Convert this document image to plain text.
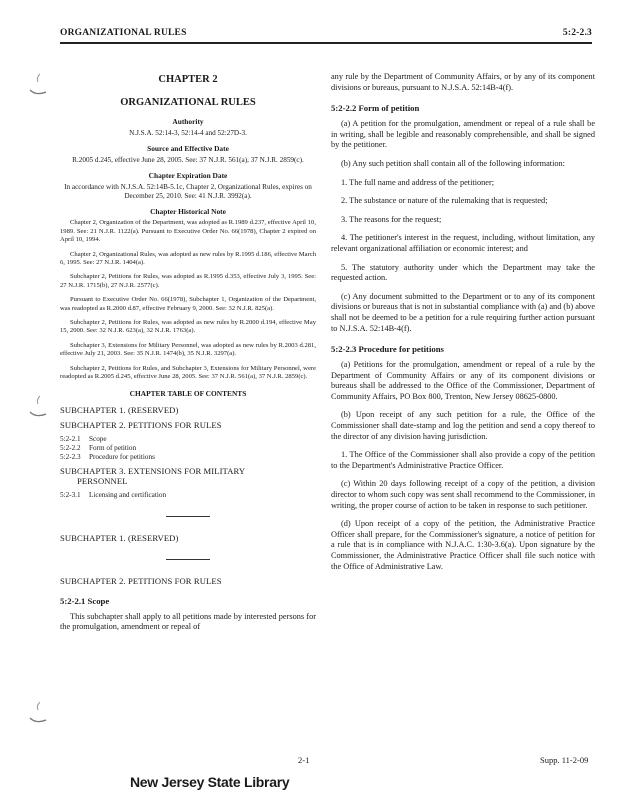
ORGANIZATIONAL RULES	5:2-2.3
CHAPTER 2
ORGANIZATIONAL RULES
Authority
N.J.S.A. 52:14-3, 52:14-4 and 52:27D-3.
Source and Effective Date
R.2005 d.245, effective June 28, 2005. See: 37 N.J.R. 561(a), 37 N.J.R. 2859(c).
Chapter Expiration Date
In accordance with N.J.S.A. 52:14B-5.1c, Chapter 2, Organizational Rules, expires on December 25, 2010. See: 41 N.J.R. 3992(a).
Chapter Historical Note
Chapter 2, Organization of the Department, was adopted as R.1989 d.237, effective April 10, 1989. See: 21 N.J.R. 1122(a). Pursuant to Executive Order No. 66(1978), Chapter 2 expired on April 10, 1994.
Chapter 2, Organizational Rules, was adopted as new rules by R.1995 d.186, effective March 6, 1995. See: 27 N.J.R. 1404(a).
Subchapter 2, Petitions for Rules, was adopted as R.1995 d.353, effective July 3, 1995. See: 27 N.J.R. 1715(b), 27 N.J.R. 2577(c).
Pursuant to Executive Order No. 66(1978), Subchapter 1, Organization of the Department, was readopted as R.2000 d.87, effective February 9, 2000. See: 32 N.J.R. 825(a).
Subchapter 2, Petitions for Rules, was adopted as new rules by R.2000 d.194, effective May 15, 2000. See: 32 N.J.R. 623(a), 32 N.J.R. 1763(a).
Subchapter 3, Extensions for Military Personnel, was adopted as new rules by R.2003 d.281, effective July 21, 2003. See: 35 N.J.R. 1474(b), 35 N.J.R. 3297(a).
Subchapter 2, Petitions for Rules, and Subchapter 3, Extensions for Military Personnel, were readopted as R.2005 d.245, effective June 28, 2005. See: 37 N.J.R. 561(a), 37 N.J.R. 2859(c).
CHAPTER TABLE OF CONTENTS
SUBCHAPTER 1. (RESERVED)
SUBCHAPTER 2. PETITIONS FOR RULES
5:2-2.1 Scope
5:2-2.2 Form of petition
5:2-2.3 Procedure for petitions
SUBCHAPTER 3. EXTENSIONS FOR MILITARY
PERSONNEL
5:2-3.1 Licensing and certification
SUBCHAPTER 1. (RESERVED)
SUBCHAPTER 2. PETITIONS FOR RULES
5:2-2.1 Scope
This subchapter shall apply to all petitions made by interested persons for the promulgation, amendment or repeal of
any rule by the Department of Community Affairs, or by any of its component divisions or bureaus, pursuant to N.J.S.A. 52:14B-4(f).
5:2-2.2 Form of petition
(a) A petition for the promulgation, amendment or repeal of a rule shall be in writing, shall be legible and reasonably comprehensible, and shall be signed by the petitioner.
(b) Any such petition shall contain all of the following information:
1. The full name and address of the petitioner;
2. The substance or nature of the rulemaking that is requested;
3. The reasons for the request;
4. The petitioner's interest in the request, including, without limitation, any relevant organizational affiliation or economic interest; and
5. The statutory authority under which the Department may take the requested action.
(c) Any document submitted to the Department or to any of its component divisions or bureaus that is not in substantial compliance with (a) and (b) above shall not be deemed to be a petition for a rule requiring further action pursuant to N.J.S.A. 52:14B-4(f).
5:2-2.3 Procedure for petitions
(a) Petitions for the promulgation, amendment or repeal of a rule by the Department of Community Affairs or any of its component divisions or bureaus shall be addressed to the Office of the Commissioner, Department of Community Affairs, PO Box 800, Trenton, New Jersey 08625-0800.
(b) Upon receipt of any such petition for a rule, the Office of the Commissioner shall date-stamp and log the petition and send a copy thereof to the director of any division having jurisdiction.
1. The Office of the Commissioner shall also provide a copy of the petition to the Department's Administrative Practice Officer.
(c) Within 20 days following receipt of a copy of the petition, a division director to whom such copy was sent shall recommend to the Commissioner, in writing, the proper course of action to be taken in response to such petitioner.
(d) Upon receipt of a copy of the petition, the Administrative Practice Officer shall prepare, for the Commissioner's signature, a notice of petition for a rule that is in compliance with N.J.A.C. 1:30-3.6(a). Upon signature by the Commissioner, the Administrative Practice Officer shall file such notice with the Office of Administrative Law.
2-1	Supp. 11-2-09
New Jersey State Library
